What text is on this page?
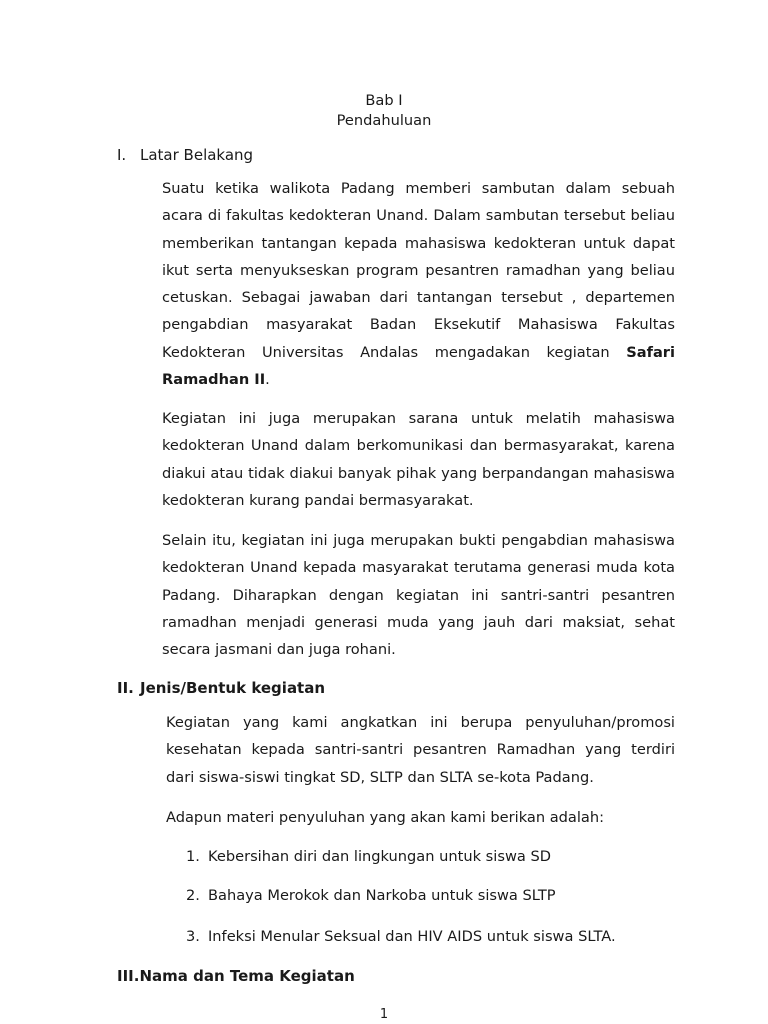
Bab I
Pendahuluan
I. Latar Belakang

Suatu ketika walikota Padang memberi sambutan dalam sebuah acara di fakultas kedokteran Unand. Dalam sambutan tersebut beliau memberikan tantangan kepada mahasiswa kedokteran untuk dapat ikut serta menyukseskan program pesantren ramadhan yang beliau cetuskan. Sebagai jawaban dari tantangan tersebut , departemen pengabdian masyarakat Badan Eksekutif Mahasiswa Fakultas Kedokteran Universitas Andalas mengadakan kegiatan Safari Ramadhan II.

Kegiatan ini juga merupakan sarana untuk melatih mahasiswa kedokteran Unand dalam berkomunikasi dan bermasyarakat, karena diakui atau tidak diakui banyak pihak yang berpandangan mahasiswa kedokteran kurang pandai bermasyarakat.

Selain itu, kegiatan ini juga merupakan bukti pengabdian mahasiswa kedokteran Unand kepada masyarakat terutama generasi muda kota Padang. Diharapkan dengan kegiatan ini santri-santri pesantren ramadhan menjadi generasi muda yang jauh dari maksiat, sehat secara jasmani dan juga rohani.

II. Jenis/Bentuk kegiatan

Kegiatan yang kami angkatkan ini berupa penyuluhan/promosi kesehatan kepada santri-santri pesantren Ramadhan yang terdiri dari siswa-siswi tingkat SD, SLTP dan SLTA se-kota Padang.

Adapun materi penyuluhan yang akan kami berikan adalah:

1. Kebersihan diri dan lingkungan untuk siswa SD
2. Bahaya Merokok dan Narkoba untuk siswa SLTP
3. Infeksi Menular Seksual dan HIV AIDS untuk siswa SLTA.
III.Nama dan Tema Kegiatan
1
